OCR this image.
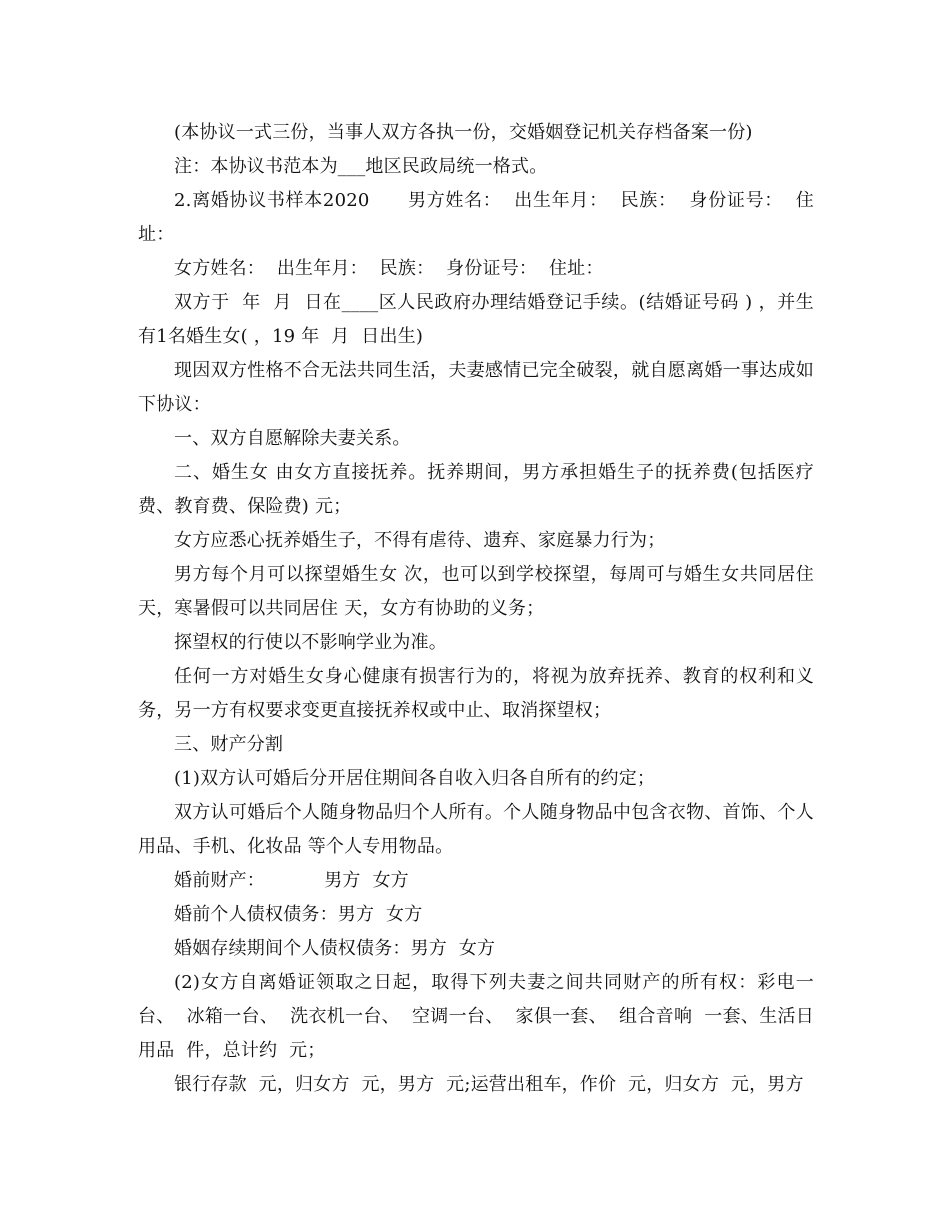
(本协议一式三份，当事人双方各执一份，交婚姻登记机关存档备案一份)

注：本协议书范本为___地区民政局统一格式。

2.离婚协议书样本2020      男方姓名：  出生年月：  民族：  身份证号：  住址：

女方姓名：  出生年月：  民族：  身份证号：  住址：

双方于  年  月  日在____区人民政府办理结婚登记手续。(结婚证号码 ) ，并生有1名婚生女( ，19 年  月  日出生)

现因双方性格不合无法共同生活，夫妻感情已完全破裂，就自愿离婚一事达成如下协议：

一、双方自愿解除夫妻关系。

二、婚生女 由女方直接抚养。抚养期间，男方承担婚生子的抚养费(包括医疗费、教育费、保险费) 元；

女方应悉心抚养婚生子，不得有虐待、遗弃、家庭暴力行为；

男方每个月可以探望婚生女 次，也可以到学校探望，每周可与婚生女共同居住 天，寒暑假可以共同居住 天，女方有协助的义务；

探望权的行使以不影响学业为准。

任何一方对婚生女身心健康有损害行为的，将视为放弃抚养、教育的权利和义务，另一方有权要求变更直接抚养权或中止、取消探望权；

三、财产分割

(1)双方认可婚后分开居住期间各自收入归各自所有的约定；

双方认可婚后个人随身物品归个人所有。个人随身物品中包含衣物、首饰、个人用品、手机、化妆品 等个人专用物品。

婚前财产：          男方  女方

婚前个人债权债务：男方  女方

婚姻存续期间个人债权债务：男方  女方

(2)女方自离婚证领取之日起，取得下列夫妻之间共同财产的所有权：彩电一台、  冰箱一台、  洗衣机一台、  空调一台、  家俱一套、  组合音响  一套、生活日用品  件，总计约  元；

银行存款  元，归女方  元，男方  元;运营出租车，作价  元，归女方  元，男方
